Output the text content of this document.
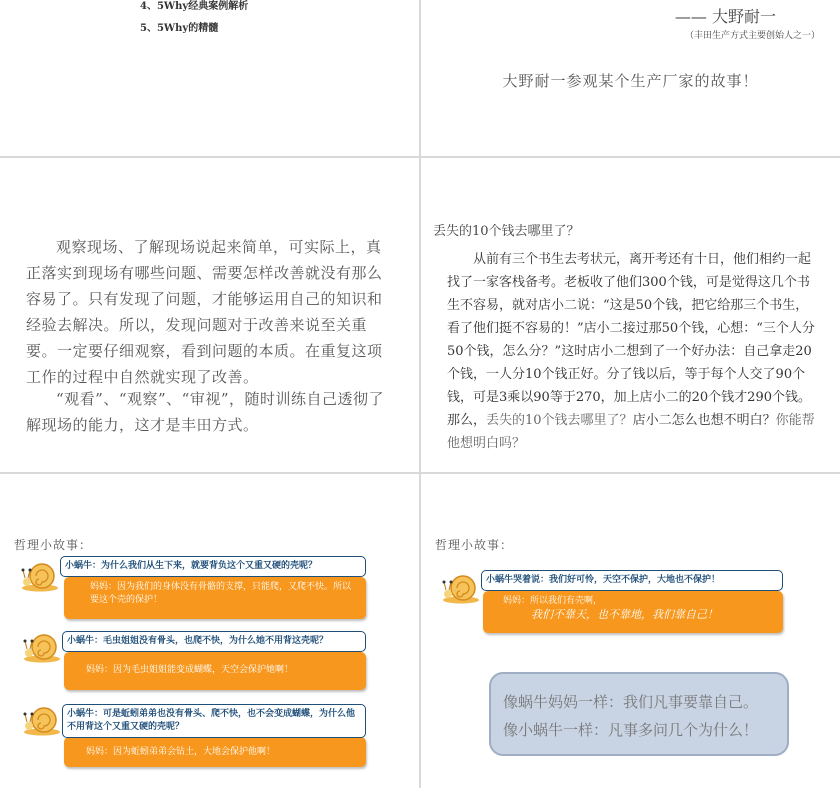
4、5Why经典案例解析
5、5Why的精髓
—— 大野耐一
（丰田生产方式主要创始人之一）
大野耐一参观某个生产厂家的故事！

观察现场、了解现场说起来简单，可实际上，真正落实到现场有哪些问题、需要怎样改善就没有那么容易了。只有发现了问题，才能够运用自己的知识和经验去解决。所以，发现问题对于改善来说至关重要。一定要仔细观察，看到问题的本质。在重复这项工作的过程中自然就实现了改善。

“观看”、“观察”、“审视”，随时训练自己透彻了解现场的能力，这才是丰田方式。

丢失的10个钱去哪里了？

从前有三个书生去考状元，离开考还有十日，他们相约一起找了一家客栈备考。老板收了他们300个钱，可是觉得这几个书生不容易，就对店小二说：“这是50个钱，把它给那三个书生，看了他们挺不容易的！”店小二接过那50个钱，心想：“三个人分50个钱，怎么分？”这时店小二想到了一个好办法：自己拿走20个钱，一人分10个钱正好。分了钱以后，等于每个人交了90个钱，可是3乘以90等于270，加上店小二的20个钱才290个钱。那么，丢失的10个钱去哪里了？店小二怎么也想不明白？你能帮他想明白吗？

哲理小故事：
小蜗牛：为什么我们从生下来，就要背负这个又重又硬的壳呢？
妈妈：因为我们的身体没有骨骼的支撑，只能爬，又爬不快。所以要这个壳的保护！
小蜗牛：毛虫姐姐没有骨头，也爬不快，为什么她不用背这壳呢？
妈妈：因为毛虫姐姐能变成蝴蝶，天空会保护她啊！
小蜗牛：可是蚯蚓弟弟也没有骨头、爬不快，也不会变成蝴蝶，为什么他不用背这个又重又硬的壳呢？
妈妈：因为蚯蚓弟弟会钻土，大地会保护他啊！
哲理小故事：
小蜗牛哭着说：我们好可怜，天空不保护，大地也不保护！
妈妈：所以我们有壳啊，
我们不靠天，也不靠地，我们靠自己！
像蜗牛妈妈一样：我们凡事要靠自己。
像小蜗牛一样：凡事多问几个为什么！
